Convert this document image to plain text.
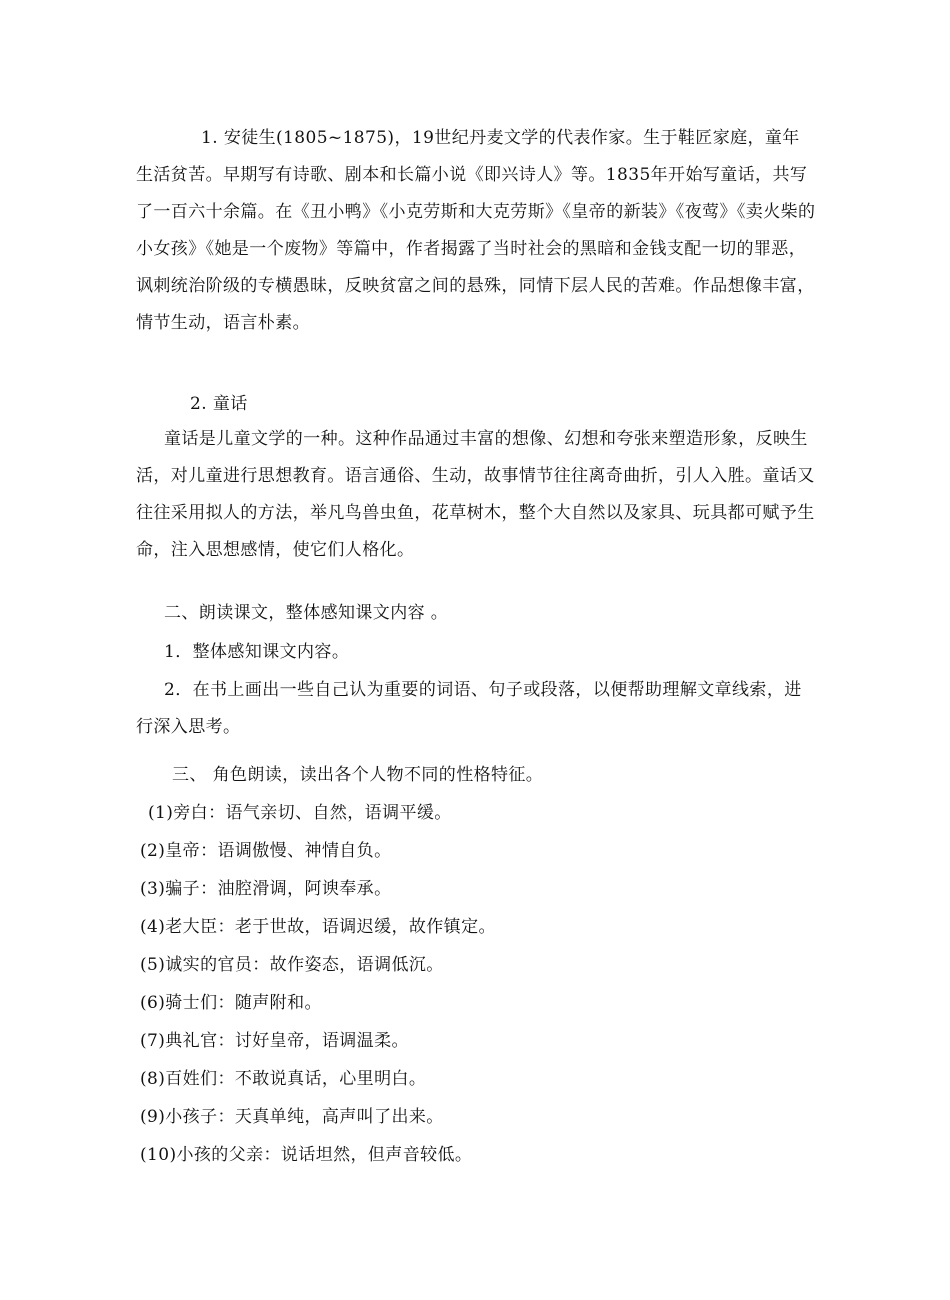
1. 安徒生(1805~1875)，19世纪丹麦文学的代表作家。生于鞋匠家庭，童年生活贫苦。早期写有诗歌、剧本和长篇小说《即兴诗人》等。1835年开始写童话，共写了一百六十余篇。在《丑小鸭》《小克劳斯和大克劳斯》《皇帝的新装》《夜莺》《卖火柴的小女孩》《她是一个废物》等篇中，作者揭露了当时社会的黑暗和金钱支配一切的罪恶，讽刺统治阶级的专横愚昧，反映贫富之间的悬殊，同情下层人民的苦难。作品想像丰富，情节生动，语言朴素。

2. 童话

童话是儿童文学的一种。这种作品通过丰富的想像、幻想和夸张来塑造形象，反映生活，对儿童进行思想教育。语言通俗、生动，故事情节往往离奇曲折，引人入胜。童话又往往采用拟人的方法，举凡鸟兽虫鱼，花草树木，整个大自然以及家具、玩具都可赋予生命，注入思想感情，使它们人格化。

二、朗读课文，整体感知课文内容 。

1．整体感知课文内容。

2．在书上画出一些自己认为重要的词语、句子或段落，以便帮助理解文章线索，进行深入思考。

三、 角色朗读，读出各个人物不同的性格特征。

(1)旁白：语气亲切、自然，语调平缓。

(2)皇帝：语调傲慢、神情自负。

(3)骗子：油腔滑调，阿谀奉承。

(4)老大臣：老于世故，语调迟缓，故作镇定。

(5)诚实的官员：故作姿态，语调低沉。

(6)骑士们：随声附和。

(7)典礼官：讨好皇帝，语调温柔。

(8)百姓们：不敢说真话，心里明白。

(9)小孩子：天真单纯，高声叫了出来。

(10)小孩的父亲：说话坦然，但声音较低。
